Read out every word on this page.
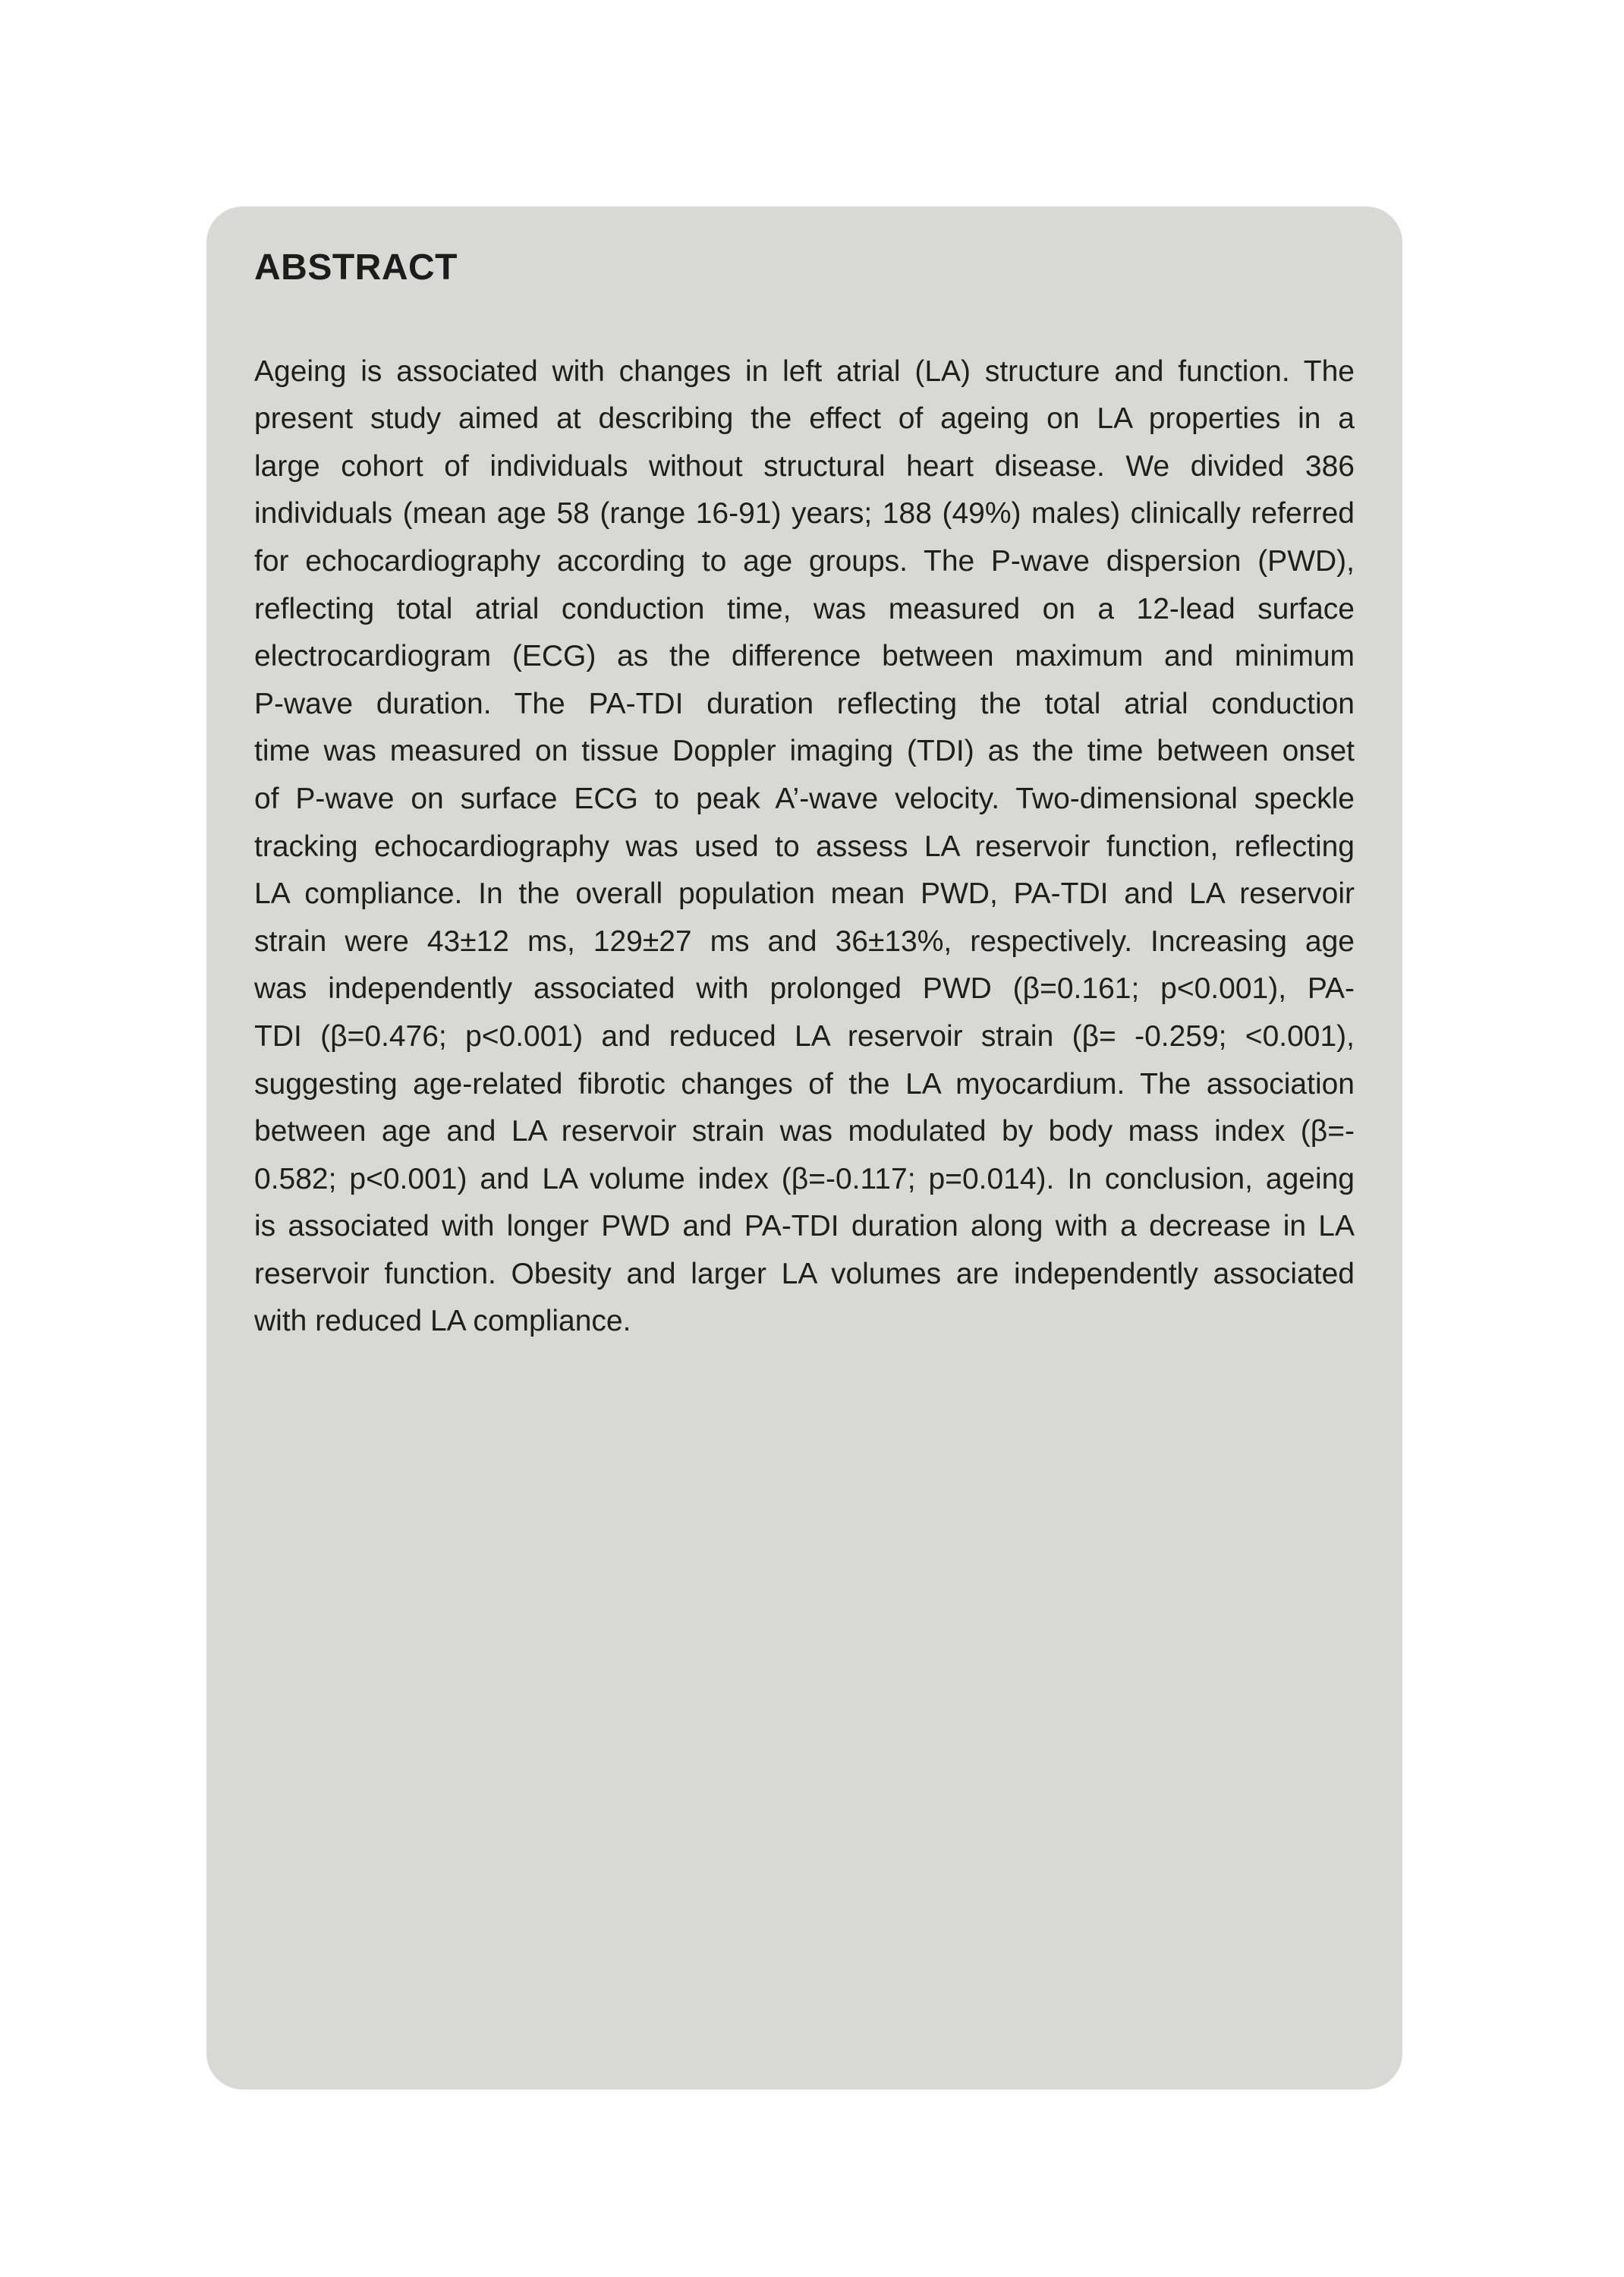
ABSTRACT

Ageing is associated with changes in left atrial (LA) structure and function. The

present study aimed at describing the effect of ageing on LA properties in a

large cohort of individuals without structural heart disease. We divided 386

individuals (mean age 58 (range 16-91) years; 188 (49%) males) clinically referred

for echocardiography according to age groups. The P-wave dispersion (PWD),

reflecting total atrial conduction time, was measured on a 12-lead surface

electrocardiogram (ECG) as the difference between maximum and minimum

P-wave duration. The PA-TDI duration reflecting the total atrial conduction

time was measured on tissue Doppler imaging (TDI) as the time between onset

of P-wave on surface ECG to peak A’-wave velocity. Two-dimensional speckle

tracking echocardiography was used to assess LA reservoir function, reflecting

LA compliance. In the overall population mean PWD, PA-TDI and LA reservoir

strain were 43±12 ms, 129±27 ms and 36±13%, respectively. Increasing age

was independently associated with prolonged PWD (β=0.161; p<0.001), PA-

TDI (β=0.476; p<0.001) and reduced LA reservoir strain (β= -0.259; <0.001),

suggesting age-related fibrotic changes of the LA myocardium. The association

between age and LA reservoir strain was modulated by body mass index (β=-

0.582; p<0.001) and LA volume index (β=-0.117; p=0.014). In conclusion, ageing

is associated with longer PWD and PA-TDI duration along with a decrease in LA

reservoir function. Obesity and larger LA volumes are independently associated

with reduced LA compliance.
